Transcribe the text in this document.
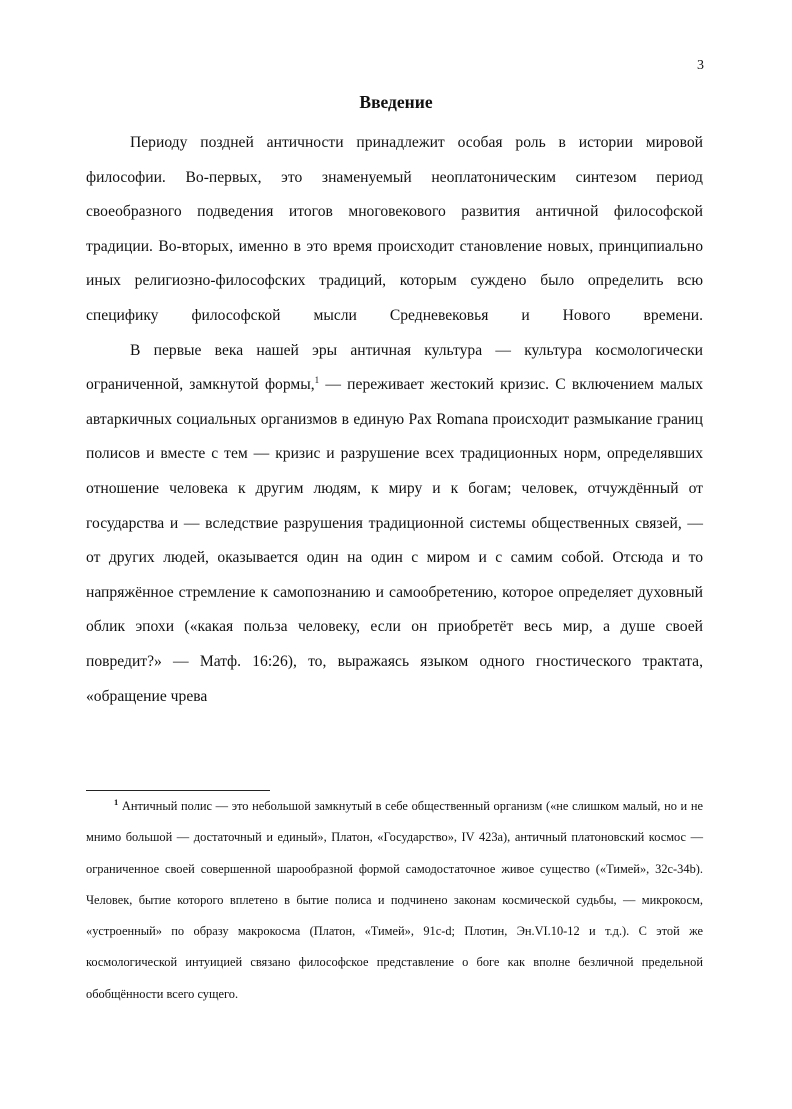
3
Введение

Периоду поздней античности принадлежит особая роль в истории мировой философии. Во-первых, это знаменуемый неоплатоническим синтезом период своеобразного подведения итогов многовекового развития античной философской традиции. Во-вторых, именно в это время происходит становление новых, принципиально иных религиозно-философских традиций, которым суждено было определить всю специфику философской мысли Средневековья и Нового времени.

В первые века нашей эры античная культура — культура космологически ограниченной, замкнутой формы,$^1$ — переживает жестокий кризис. С включением малых автаркичных социальных организмов в единую Pax Romana происходит размыкание границ полисов и вместе с тем — кризис и разрушение всех традиционных норм, определявших отношение человека к другим людям, к миру и к богам; человек, отчуждённый от государства и — вследствие разрушения традиционной системы общественных связей, — от других людей, оказывается один на один с миром и с самим собой. Отсюда и то напряжённое стремление к самопознанию и самообретению, которое определяет духовный облик эпохи («какая польза человеку, если он приобретёт весь мир, а душе своей повредит?» — Матф. 16:26), то, выражаясь языком одного гностического трактата, «обращение чрева

$^1$ Античный полис — это небольшой замкнутый в себе общественный организм («не слишком малый, но и не мнимо большой — достаточный и единый», Платон, «Государство», IV 423а), античный платоновский космос — ограниченное своей совершенной шарообразной формой самодостаточное живое существо («Тимей», 32c-34b). Человек, бытие которого вплетено в бытие полиса и подчинено законам космической судьбы, — микрокосм, «устроенный» по образу макрокосма (Платон, «Тимей», 91c-d; Плотин, Эн.VI.10-12 и т.д.). С этой же космологической интуицией связано философское представление о боге как вполне безличной предельной обобщённости всего сущего.
